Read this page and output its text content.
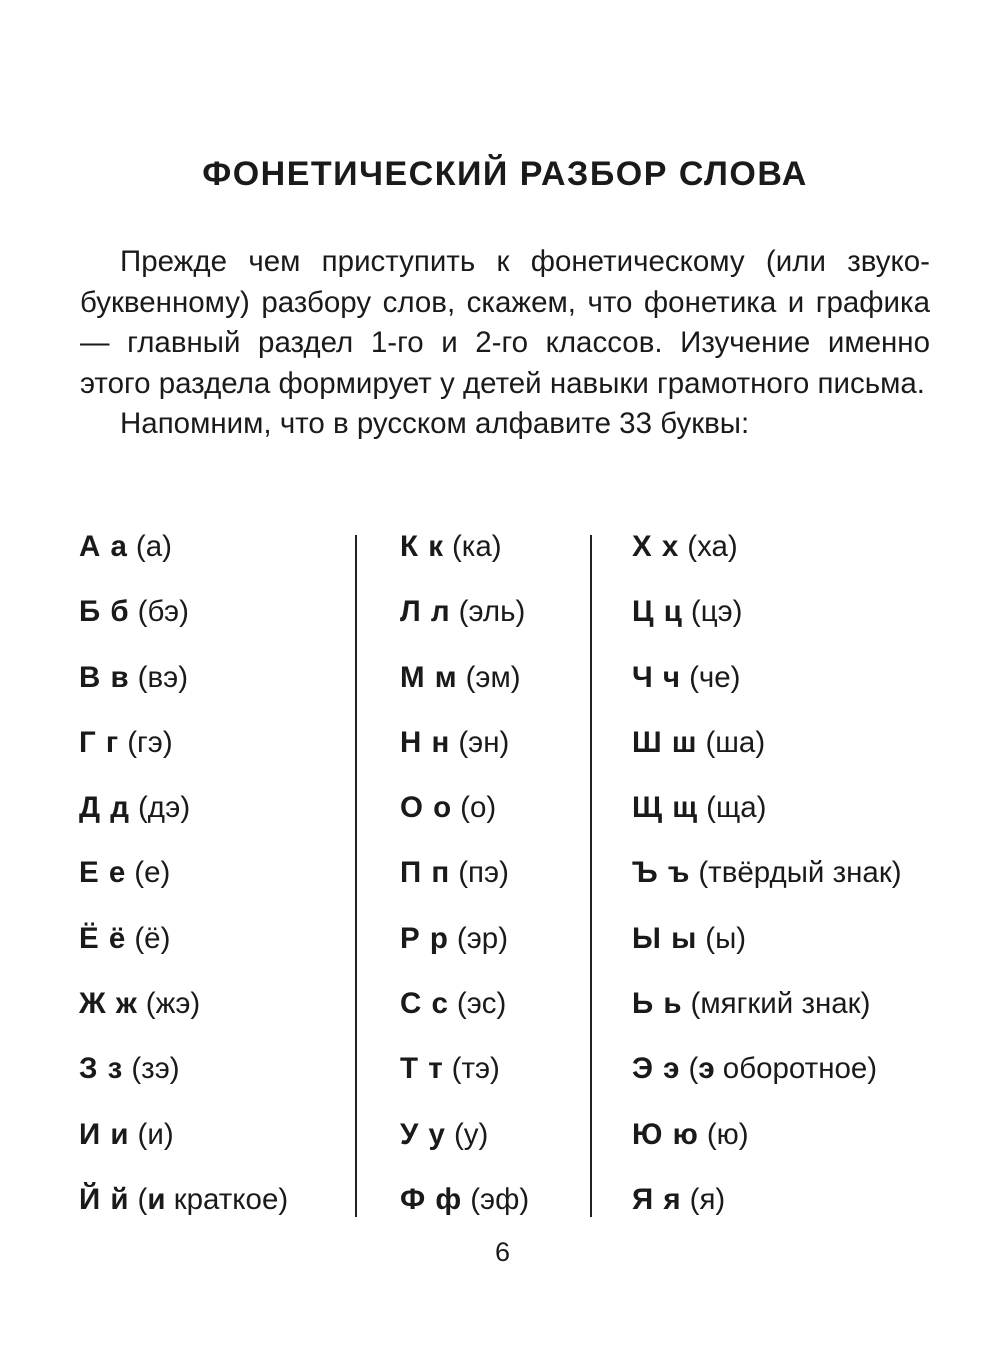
ФОНЕТИЧЕСКИЙ РАЗБОР СЛОВА

Прежде чем приступить к фонетическому (или звуко-буквенному) разбору слов, скажем, что фонетика и графика — главный раздел 1-го и 2-го классов. Изучение именно этого раздела формирует у детей навыки грамотного письма.

Напомним, что в русском алфавите 33 буквы:

А а (а)
Б б (бэ)
В в (вэ)
Г г (гэ)
Д д (дэ)
Е е (е)
Ё ё (ё)
Ж ж (жэ)
З з (зэ)
И и (и)
Й й (и краткое)
К к (ка)
Л л (эль)
М м (эм)
Н н (эн)
О о (о)
П п (пэ)
Р р (эр)
С с (эс)
Т т (тэ)
У у (у)
Ф ф (эф)
Х х (ха)
Ц ц (цэ)
Ч ч (че)
Ш ш (ша)
Щ щ (ща)
Ъ ъ (твёрдый знак)
Ы ы (ы)
Ь ь (мягкий знак)
Э э (э оборотное)
Ю ю (ю)
Я я (я)
6
